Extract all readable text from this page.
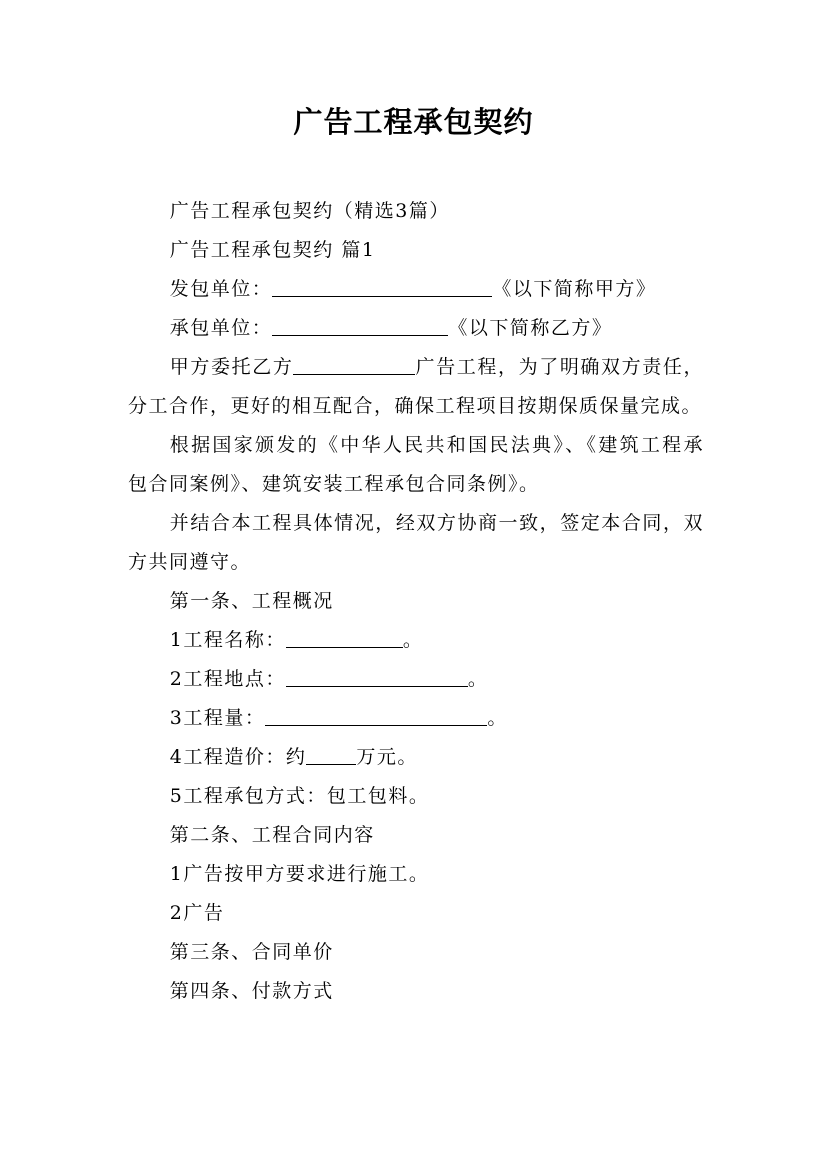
广告工程承包契约

广告工程承包契约（精选3篇）

广告工程承包契约 篇1

发包单位：	《以下简称甲方》

承包单位：	《以下简称乙方》

甲方委托乙方	广告工程，为了明确双方责任，分工合作，更好的相互配合，确保工程项目按期保质保量完成。

根据国家颁发的《中华人民共和国民法典》、《建筑工程承包合同案例》、建筑安装工程承包合同条例》。

并结合本工程具体情况，经双方协商一致，签定本合同，双方共同遵守。

第一条、工程概况

1工程名称：	。

2工程地点：	。

3工程量：	。

4工程造价：约	万元。

5工程承包方式：包工包料。

第二条、工程合同内容

1广告按甲方要求进行施工。

2广告

第三条、合同单价

第四条、付款方式
